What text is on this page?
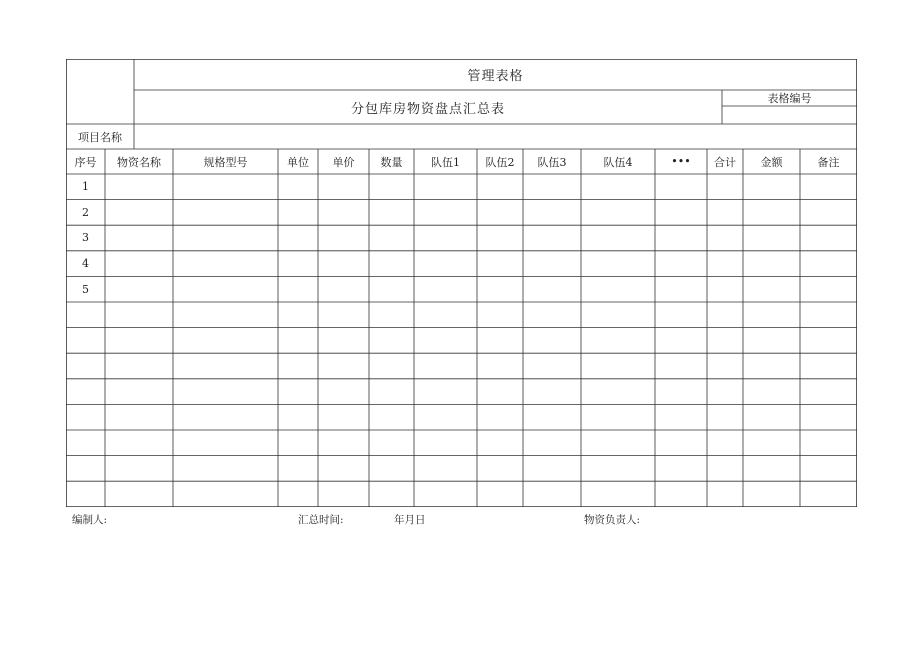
管理表格
分包库房物资盘点汇总表
表格编号
项目名称
序号	物资名称	规格型号	单位	单价	数量	队伍1	队伍2	队伍3	队伍4	•••	合计	金额	备注
1
2
3
4
5
编制人:	汇总时间:	年月日	物资负责人:
